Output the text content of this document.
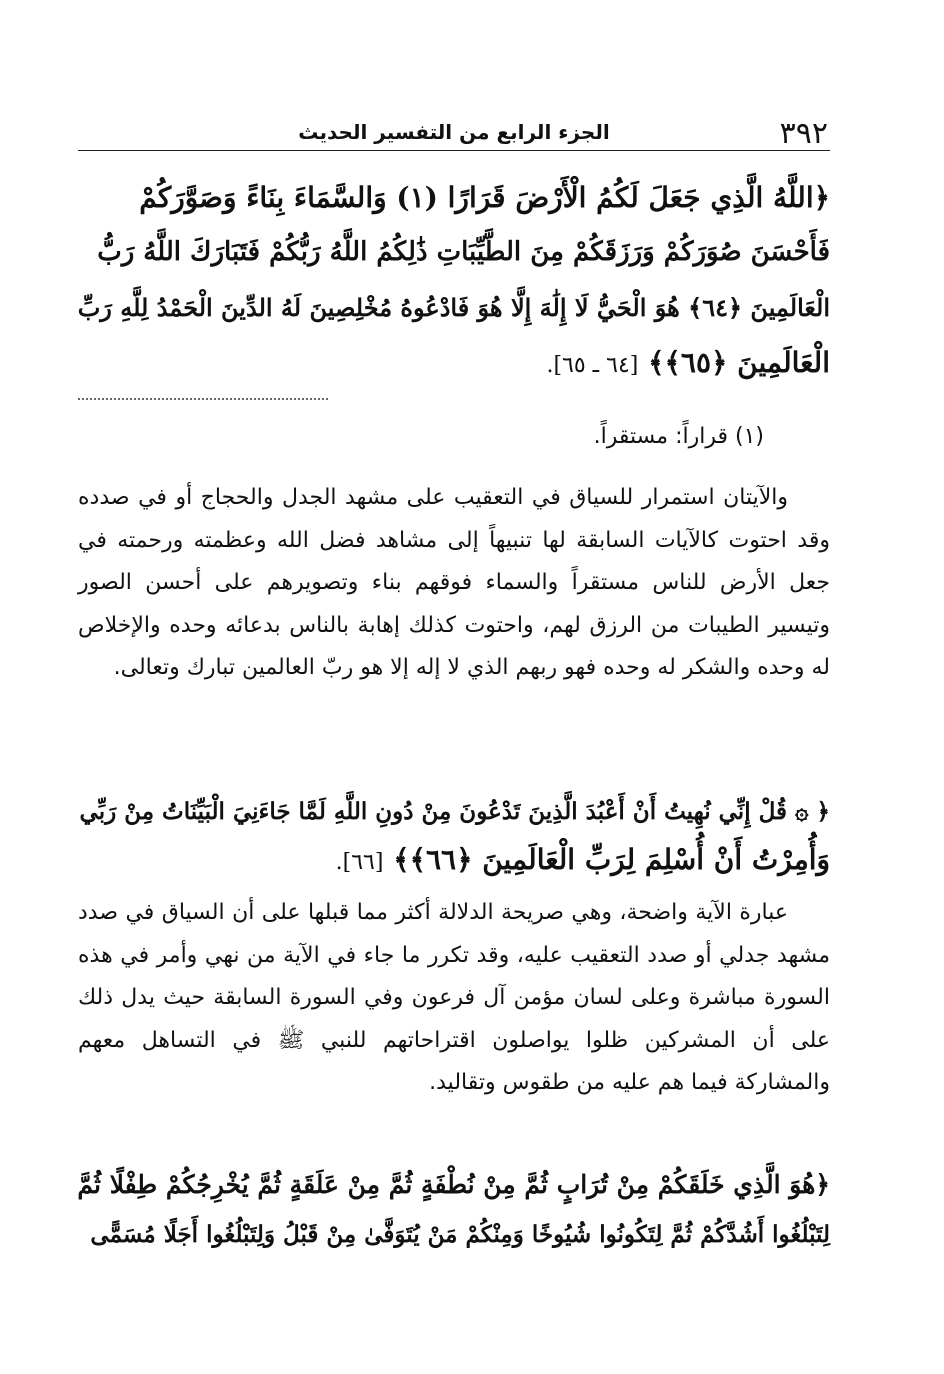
٣٩٢
الجزء الرابع من التفسير الحديث
﴿اللَّهُ الَّذِي جَعَلَ لَكُمُ الْأَرْضَ قَرَارًا (١) وَالسَّمَاءَ بِنَاءً وَصَوَّرَكُمْ
فَأَحْسَنَ صُوَرَكُمْ وَرَزَقَكُمْ مِنَ الطَّيِّبَاتِ ذَٰلِكُمُ اللَّهُ رَبُّكُمْ فَتَبَارَكَ اللَّهُ رَبُّ
الْعَالَمِينَ ﴿٦٤﴾ هُوَ الْحَيُّ لَا إِلَٰهَ إِلَّا هُوَ فَادْعُوهُ مُخْلِصِينَ لَهُ الدِّينَ الْحَمْدُ لِلَّهِ رَبِّ
الْعَالَمِينَ ﴿٦٥﴾﴾ [٦٤ ـ ٦٥].
(١) قراراً: مستقراً.

والآيتان استمرار للسياق في التعقيب على مشهد الجدل والحجاج أو في صدده وقد احتوت كالآيات السابقة لها تنبيهاً إلى مشاهد فضل الله وعظمته ورحمته في جعل الأرض للناس مستقراً والسماء فوقهم بناء وتصويرهم على أحسن الصور وتيسير الطيبات من الرزق لهم، واحتوت كذلك إهابة بالناس بدعائه وحده والإخلاص له وحده والشكر له وحده فهو ربهم الذي لا إله إلا هو ربّ العالمين تبارك وتعالى.

﴿ ۞ قُلْ إِنِّي نُهِيتُ أَنْ أَعْبُدَ الَّذِينَ تَدْعُونَ مِنْ دُونِ اللَّهِ لَمَّا جَاءَنِيَ الْبَيِّنَاتُ مِنْ رَبِّي
وَأُمِرْتُ أَنْ أُسْلِمَ لِرَبِّ الْعَالَمِينَ ﴿٦٦﴾﴾ [٦٦].

عبارة الآية واضحة، وهي صريحة الدلالة أكثر مما قبلها على أن السياق في صدد مشهد جدلي أو صدد التعقيب عليه، وقد تكرر ما جاء في الآية من نهي وأمر في هذه السورة مباشرة وعلى لسان مؤمن آل فرعون وفي السورة السابقة حيث يدل ذلك على أن المشركين ظلوا يواصلون اقتراحاتهم للنبي ﷺ في التساهل معهم والمشاركة فيما هم عليه من طقوس وتقاليد.

﴿هُوَ الَّذِي خَلَقَكُمْ مِنْ تُرَابٍ ثُمَّ مِنْ نُطْفَةٍ ثُمَّ مِنْ عَلَقَةٍ ثُمَّ يُخْرِجُكُمْ طِفْلًا ثُمَّ
لِتَبْلُغُوا أَشُدَّكُمْ ثُمَّ لِتَكُونُوا شُيُوخًا وَمِنْكُمْ مَنْ يُتَوَفَّىٰ مِنْ قَبْلُ وَلِتَبْلُغُوا أَجَلًا مُسَمًّى
